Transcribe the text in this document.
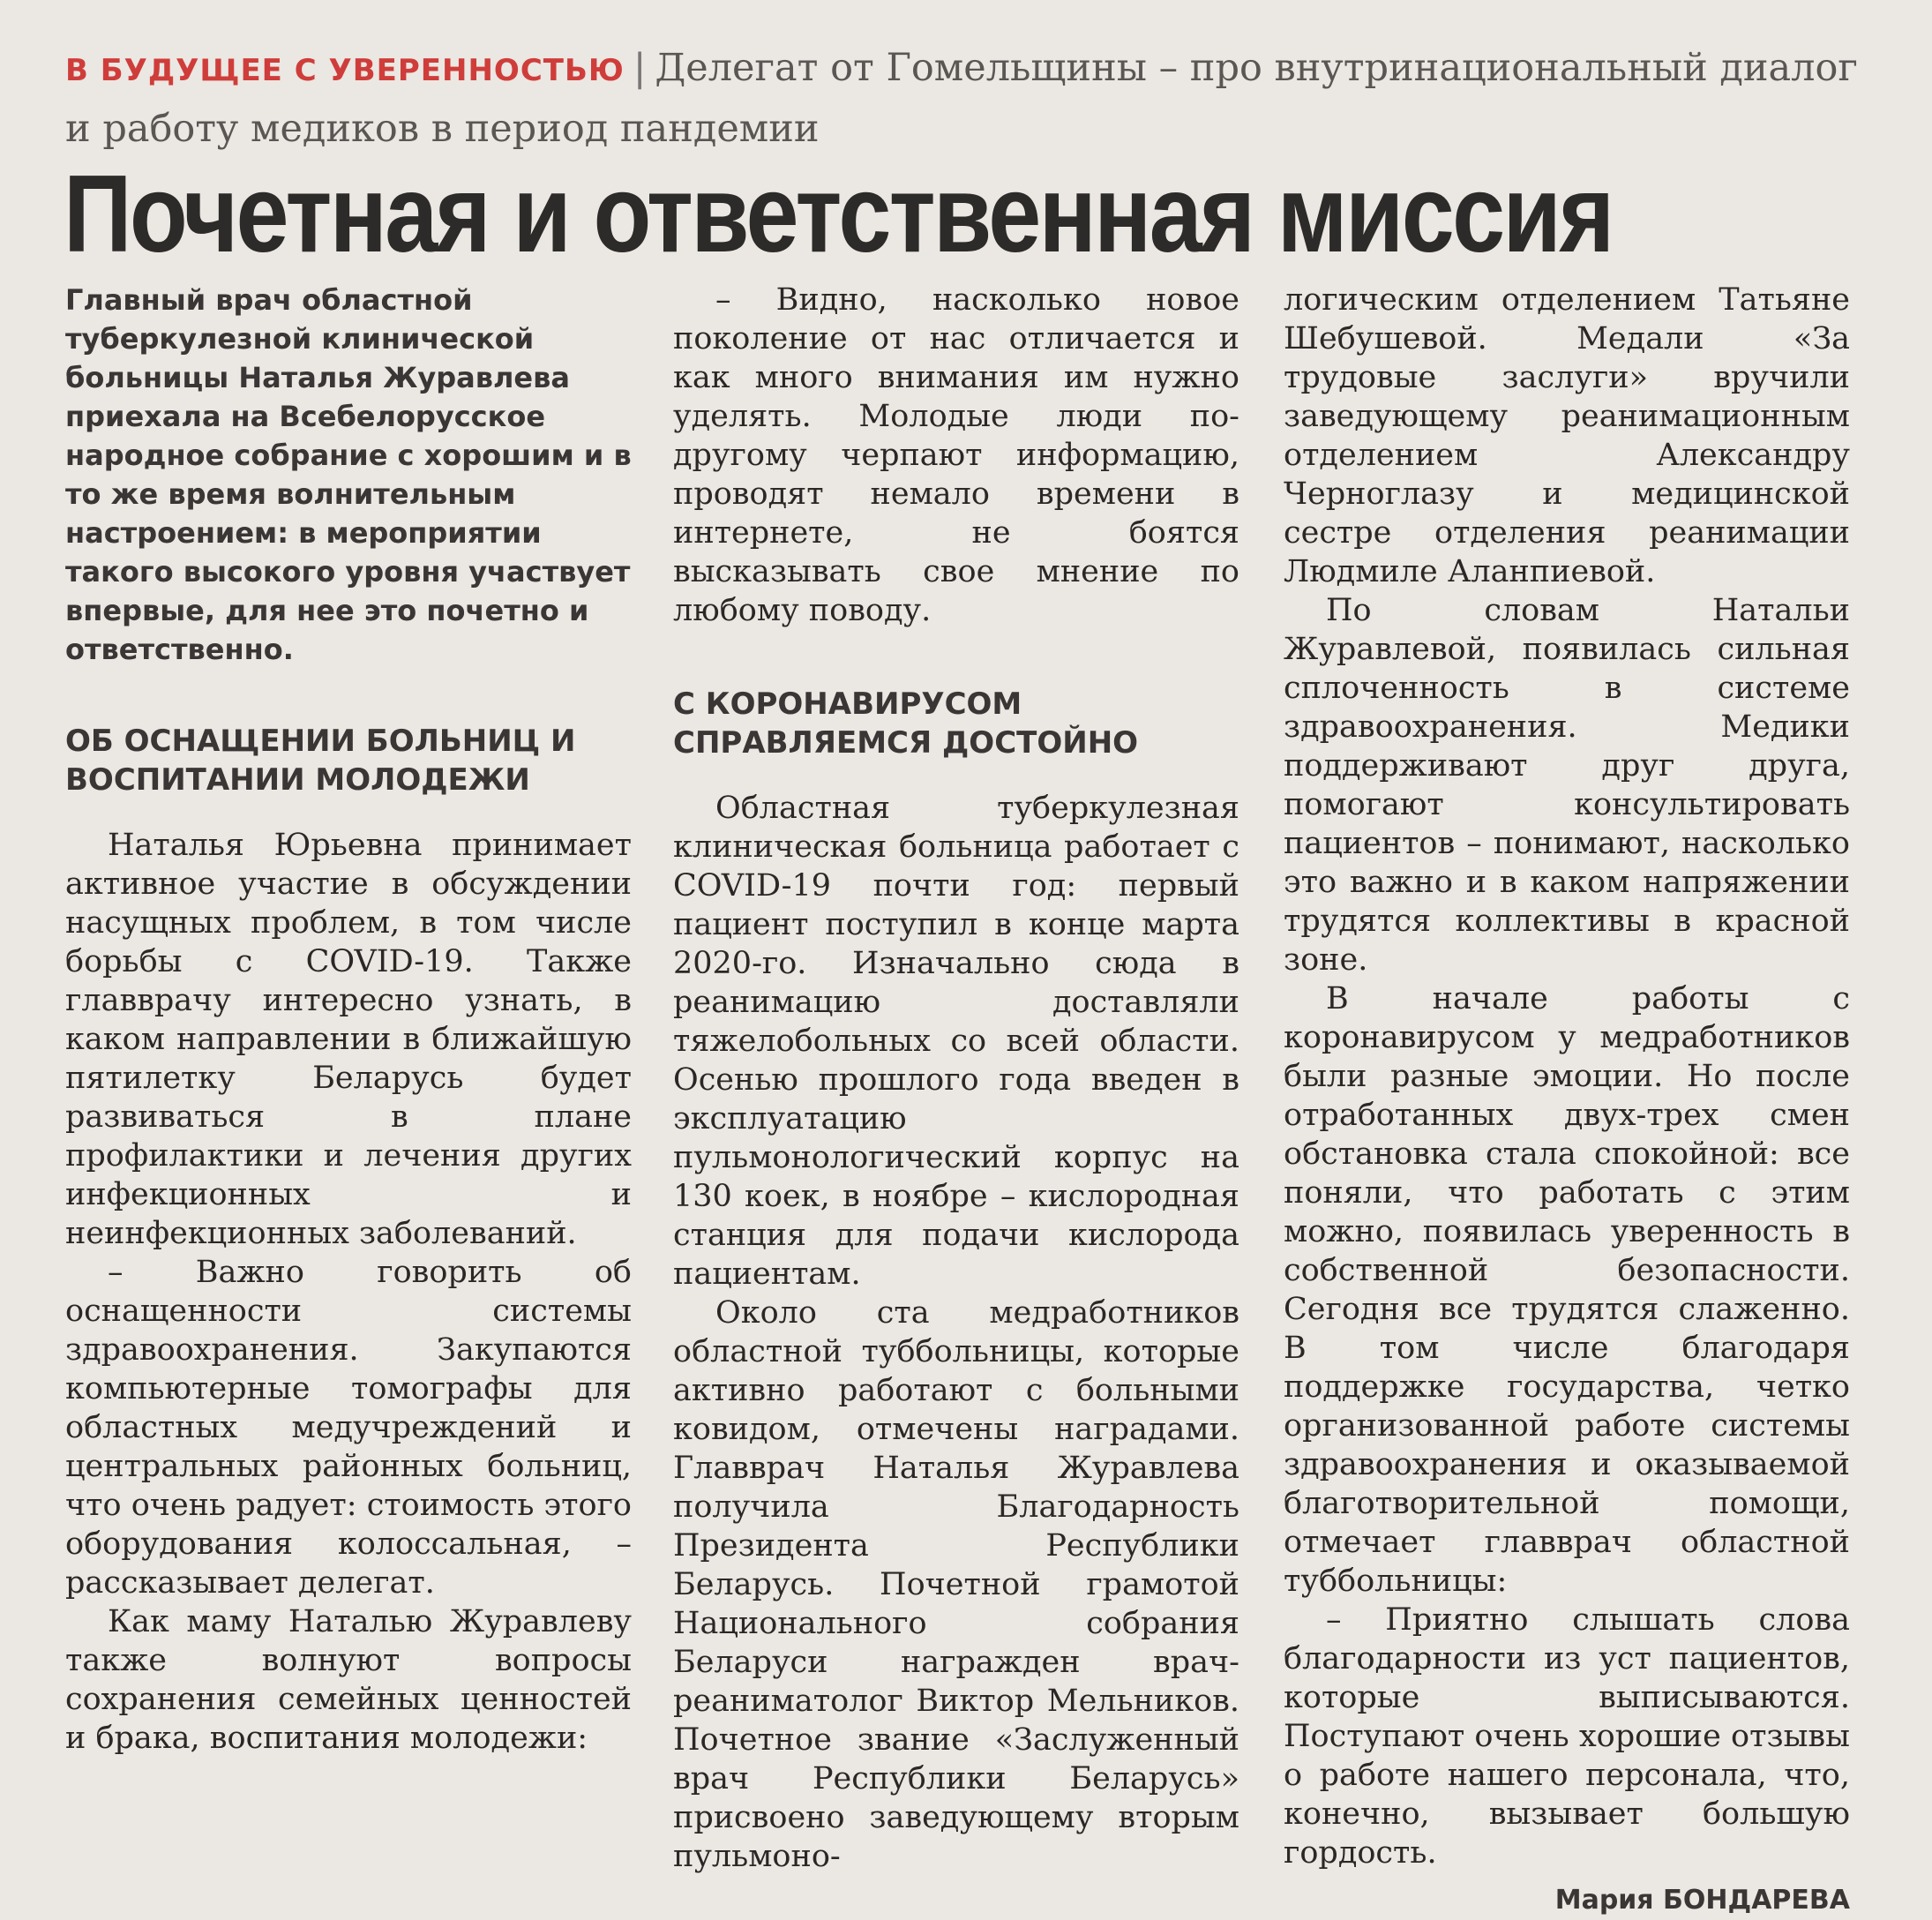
В БУДУЩЕЕ С УВЕРЕННОСТЬЮ | Делегат от Гомельщины – про внутринациональный диалог и работу медиков в период пандемии
Почетная и ответственная миссия
Главный врач областной туберкулезной клинической больницы Наталья Журавлева приехала на Всебелорусское народное собрание с хорошим и в то же время волнительным настроением: в мероприятии такого высокого уровня участвует впервые, для нее это почетно и ответственно.
ОБ ОСНАЩЕНИИ БОЛЬНИЦ И ВОСПИТАНИИ МОЛОДЕЖИ

Наталья Юрьевна принимает активное участие в обсуждении насущных проблем, в том числе борьбы с COVID-19. Также главврачу интересно узнать, в каком направлении в ближайшую пятилетку Беларусь будет развиваться в плане профилактики и лечения других инфекционных и неинфекционных заболеваний.

– Важно говорить об оснащенности системы здравоохранения. Закупаются компьютерные томографы для областных медучреждений и центральных районных больниц, что очень радует: стоимость этого оборудования колоссальная, – рассказывает делегат.

Как маму Наталью Журавлеву также волнуют вопросы сохранения семейных ценностей и брака, воспитания молодежи:

– Видно, насколько новое поколение от нас отличается и как много внимания им нужно уделять. Молодые люди по-другому черпают информацию, проводят немало времени в интернете, не боятся высказывать свое мнение по любому поводу.

С КОРОНАВИРУСОМ СПРАВЛЯЕМСЯ ДОСТОЙНО

Областная туберкулезная клиническая больница работает с COVID-19 почти год: первый пациент поступил в конце марта 2020-го. Изначально сюда в реанимацию доставляли тяжелобольных со всей области. Осенью прошлого года введен в эксплуатацию пульмонологический корпус на 130 коек, в ноябре – кислородная станция для подачи кислорода пациентам.

Около ста медработников областной туббольницы, которые активно работают с больными ковидом, отмечены наградами. Главврач Наталья Журавлева получила Благодарность Президента Республики Беларусь. Почетной грамотой Национального собрания Беларуси награжден врач-реаниматолог Виктор Мельников. Почетное звание «Заслуженный врач Республики Беларусь» присвоено заведующему вторым пульмоно-

логическим отделением Татьяне Шебушевой. Медали «За трудовые заслуги» вручили заведующему реанимационным отделением Александру Черноглазу и медицинской сестре отделения реанимации Людмиле Аланпиевой.

По словам Натальи Журавлевой, появилась сильная сплоченность в системе здравоохранения. Медики поддерживают друг друга, помогают консультировать пациентов – понимают, насколько это важно и в каком напряжении трудятся коллективы в красной зоне.

В начале работы с коронавирусом у медработников были разные эмоции. Но после отработанных двух-трех смен обстановка стала спокойной: все поняли, что работать с этим можно, появилась уверенность в собственной безопасности. Сегодня все трудятся слаженно. В том числе благодаря поддержке государства, четко организованной работе системы здравоохранения и оказываемой благотворительной помощи, отмечает главврач областной туббольницы:

– Приятно слышать слова благодарности из уст пациентов, которые выписываются. Поступают очень хорошие отзывы о работе нашего персонала, что, конечно, вызывает большую гордость.

Мария БОНДАРЕВА
